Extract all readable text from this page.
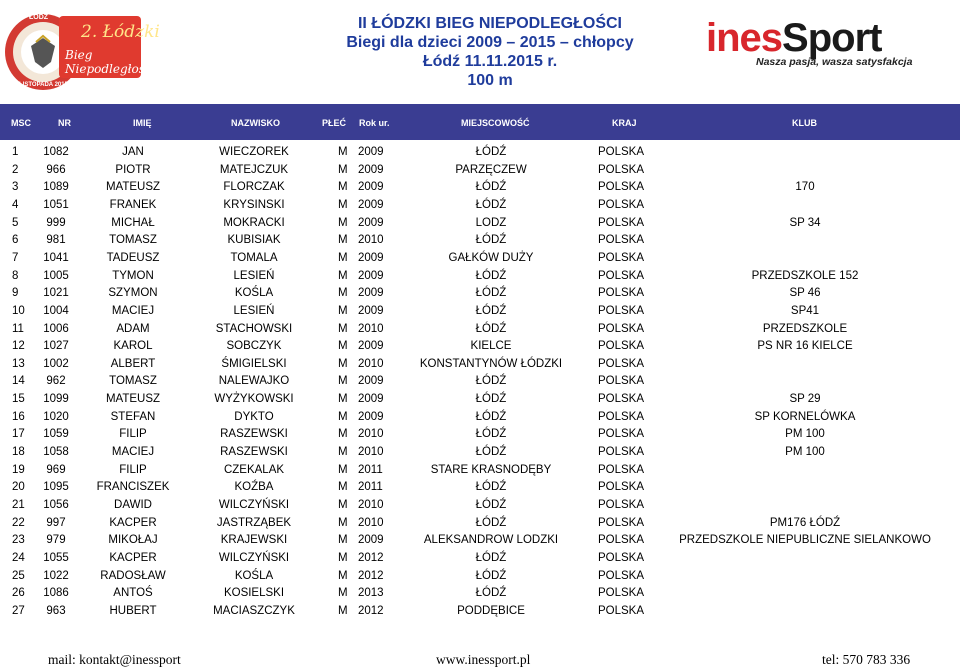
2. Łódzki
Bieg Niepodległości
ŁÓDŹ
11 LISTOPADA 2015 r.
II ŁÓDZKI BIEG NIEPODLEGŁOŚCI
Biegi dla dzieci 2009 – 2015 – chłopcy
Łódź 11.11.2015 r.
100 m
inesSport
Nasza pasja, wasza satysfakcja
MSC	NR	IMIĘ	NAZWISKO	PŁEĆ Rok ur.	MIEJSCOWOŚĆ	KRAJ	KLUB
1	1082	JAN	WIECZOREK	M 2009	ŁÓDŹ	POLSKA
2	966	PIOTR	MATEJCZUK	M 2009	PARZĘCZEW	POLSKA
3	1089	MATEUSZ	FLORCZAK	M 2009	ŁÓDŹ	POLSKA	170
4	1051	FRANEK	KRYSINSKI	M 2009	ŁÓDŹ	POLSKA
5	999	MICHAŁ	MOKRACKI	M 2009	LODZ	POLSKA	SP 34
6	981	TOMASZ	KUBISIAK	M 2010	ŁÓDŹ	POLSKA
7	1041	TADEUSZ	TOMALA	M 2009	GAŁKÓW DUŻY	POLSKA
8	1005	TYMON	LESIEŃ	M 2009	ŁÓDŹ	POLSKA	PRZEDSZKOLE 152
9	1021	SZYMON	KOŚLA	M 2009	ŁÓDŹ	POLSKA	SP 46
10	1004	MACIEJ	LESIEŃ	M 2009	ŁÓDŹ	POLSKA	SP41
11	1006	ADAM	STACHOWSKI	M 2010	ŁÓDŹ	POLSKA	PRZEDSZKOLE
12	1027	KAROL	SOBCZYK	M 2009	KIELCE	POLSKA	PS NR 16 KIELCE
13	1002	ALBERT	ŚMIGIELSKI	M 2010	KONSTANTYNÓW ŁÓDZKI	POLSKA
14	962	TOMASZ	NALEWAJKO	M 2009	ŁÓDŹ	POLSKA
15	1099	MATEUSZ	WYŻYKOWSKI	M 2009	ŁÓDŹ	POLSKA	SP 29
16	1020	STEFAN	DYKTO	M 2009	ŁÓDŹ	POLSKA	SP KORNELÓWKA
17	1059	FILIP	RASZEWSKI	M 2010	ŁÓDŹ	POLSKA	PM 100
18	1058	MACIEJ	RASZEWSKI	M 2010	ŁÓDŹ	POLSKA	PM 100
19	969	FILIP	CZEKALAK	M 2011	STARE KRASNODĘBY	POLSKA
20	1095	FRANCISZEK	KOŹBA	M 2011	ŁÓDŹ	POLSKA
21	1056	DAWID	WILCZYŃSKI	M 2010	ŁÓDŹ	POLSKA
22	997	KACPER	JASTRZĄBEK	M 2010	ŁÓDŹ	POLSKA	PM176 ŁÓDŹ
23	979	MIKOŁAJ	KRAJEWSKI	M 2009	ALEKSANDROW LODZKI	POLSKA	PRZEDSZKOLE NIEPUBLICZNE SIELANKOWO
24	1055	KACPER	WILCZYŃSKI	M 2012	ŁÓDŹ	POLSKA
25	1022	RADOSŁAW	KOŚLA	M 2012	ŁÓDŹ	POLSKA
26	1086	ANTOŚ	KOSIELSKI	M 2013	ŁÓDŹ	POLSKA
27	963	HUBERT	MACIASZCZYK	M 2012	PODDĘBICE	POLSKA
mail: kontakt@inessport	www.inessport.pl	tel: 570 783 336
